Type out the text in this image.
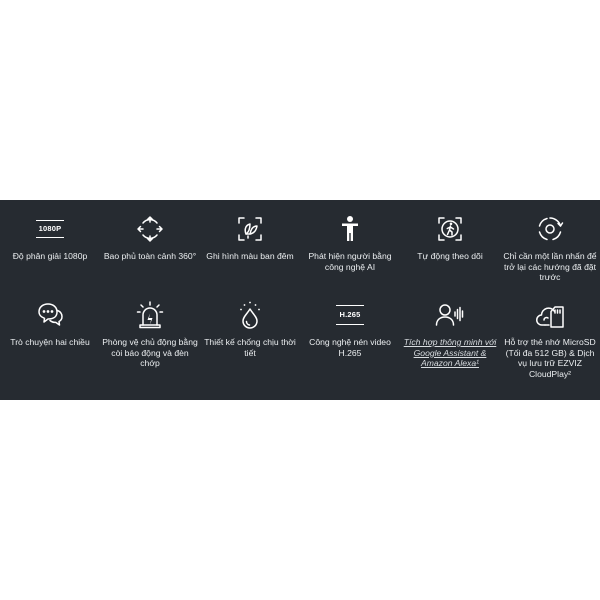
1080P
Độ phân giải 1080p	Bao phủ toàn cảnh 360°	Ghi hình màu ban đêm	Phát hiện người bằng công nghệ AI
Tự động theo dõi	Chỉ cần một lần nhấn để trở lại các hướng đã đặt trước
Trò chuyện hai chiều	Phòng vệ chủ động bằng còi báo động và đèn chớp
Thiết kế chống chịu thời tiết
H.265
Công nghệ nén video H.265
Tích hợp thông minh với Google Assistant & Amazon Alexa¹
Hỗ trợ thẻ nhớ MicroSD (Tối đa 512 GB) & Dịch vụ lưu trữ EZVIZ CloudPlay²
